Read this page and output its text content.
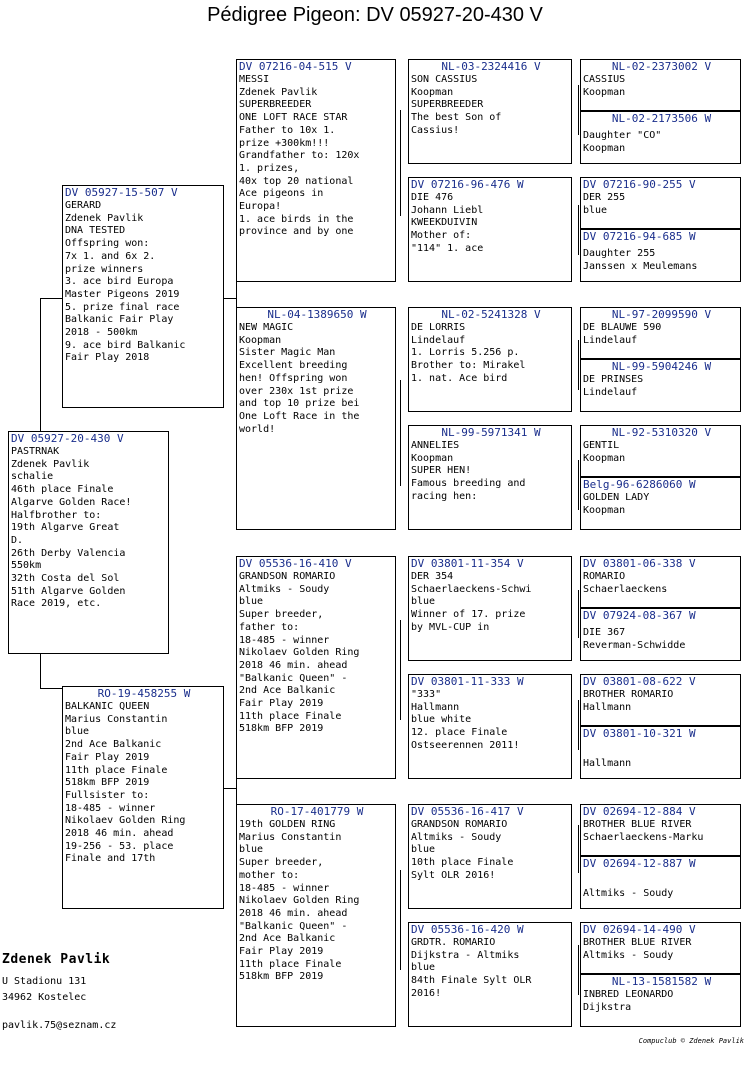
Pédigree Pigeon: DV 05927-20-430 V
DV 05927-20-430 V
PASTRNAK
Zdenek Pavlik
schalie
46th place Finale
Algarve Golden Race!
Halfbrother to:
19th Algarve Great
D.
26th Derby Valencia
550km
32th Costa del Sol
51th Algarve Golden
Race 2019, etc.
DV 05927-15-507 V
GERARD
Zdenek Pavlik
DNA TESTED
Offspring won:
7x 1. and 6x 2.
prize winners
3. ace bird Europa
Master Pigeons 2019
5. prize final race
Balkanic Fair Play
2018 - 500km
9. ace bird Balkanic
Fair Play 2018
RO-19-458255 W
BALKANIC QUEEN
Marius Constantin
blue
2nd Ace Balkanic
Fair Play 2019
11th place Finale
518km BFP 2019
Fullsister to:
18-485 - winner
Nikolaev Golden Ring
2018 46 min. ahead
19-256 - 53. place
Finale and 17th
DV 07216-04-515 V
MESSI
Zdenek Pavlik
SUPERBREEDER
ONE LOFT RACE STAR
Father to 10x 1.
prize +300km!!!
Grandfather to: 120x
1. prizes,
40x top 20 national
Ace pigeons in
Europa!
1. ace birds in the
province and by one
NL-04-1389650 W
NEW MAGIC
Koopman
Sister Magic Man
Excellent breeding
hen! Offspring won
over 230x 1st prize
and top 10 prize bei
One Loft Race in the
world!
DV 05536-16-410 V
GRANDSON ROMARIO
Altmiks - Soudy
blue
Super breeder,
father to:
18-485 - winner
Nikolaev Golden Ring
2018 46 min. ahead
"Balkanic Queen" -
2nd Ace Balkanic
Fair Play 2019
11th place Finale
518km BFP 2019
RO-17-401779 W
19th GOLDEN RING
Marius Constantin
blue
Super breeder,
mother to:
18-485 - winner
Nikolaev Golden Ring
2018 46 min. ahead
"Balkanic Queen" -
2nd Ace Balkanic
Fair Play 2019
11th place Finale
518km BFP 2019
NL-03-2324416 V
SON CASSIUS
Koopman
SUPERBREEDER
The best Son of
Cassius!
DV 07216-96-476 W
DIE 476
Johann Liebl
KWEEKDUIVIN
Mother of:
"114" 1. ace
NL-02-5241328 V
DE LORRIS
Lindelauf
1. Lorris 5.256 p.
Brother to: Mirakel
1. nat. Ace bird
NL-99-5971341 W
ANNELIES
Koopman
SUPER HEN!
Famous breeding and
racing hen:
DV 03801-11-354 V
DER 354
Schaerlaeckens-Schwi
blue
Winner of 17. prize
by MVL-CUP in
DV 03801-11-333 W
"333"
Hallmann
blue white
12. place Finale
Ostseerennen 2011!
DV 05536-16-417 V
GRANDSON ROMARIO
Altmiks - Soudy
blue
10th place Finale
Sylt OLR 2016!
DV 05536-16-420 W
GRDTR. ROMARIO
Dijkstra - Altmiks
blue
84th Finale Sylt OLR
2016!
NL-02-2373002 V
CASSIUS
Koopman
NL-02-2173506 W
Daughter "CO"
Koopman
DV 07216-90-255 V
DER 255
blue
DV 07216-94-685 W
Daughter 255
Janssen x Meulemans
NL-97-2099590 V
DE BLAUWE 590
Lindelauf
NL-99-5904246 W
DE PRINSES
Lindelauf
NL-92-5310320 V
GENTIL
Koopman
Belg-96-6286060 W
GOLDEN LADY
Koopman
DV 03801-06-338 V
ROMARIO
Schaerlaeckens
DV 07924-08-367 W
DIE 367
Reverman-Schwidde
DV 03801-08-622 V
BROTHER ROMARIO
Hallmann
DV 03801-10-321 W

Hallmann
DV 02694-12-884 V
BROTHER BLUE RIVER
Schaerlaeckens-Marku
DV 02694-12-887 W

Altmiks - Soudy
DV 02694-14-490 V
BROTHER BLUE RIVER
Altmiks - Soudy
NL-13-1581582 W
INBRED LEONARDO
Dijkstra
Zdenek Pavlik
U Stadionu 131
34962 Kostelec
pavlik.75@seznam.cz
Compuclub © Zdenek Pavlik
